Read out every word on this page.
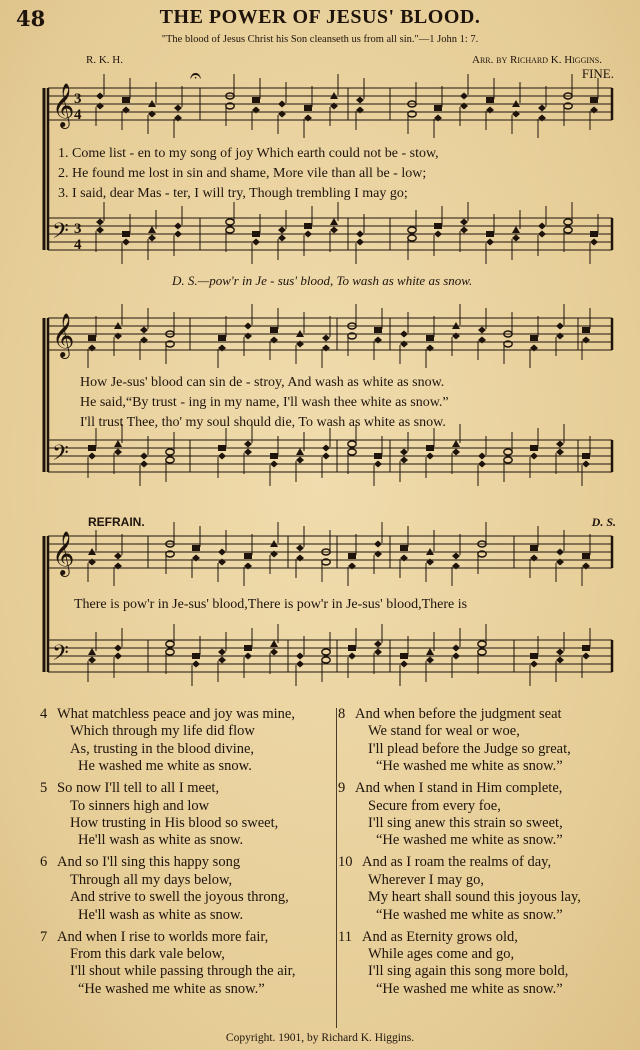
48	THE POWER OF JESUS' BLOOD.
"The blood of Jesus Christ his Son cleanseth us from all sin."—1 John 1: 7.
R. K. H.	Arr. by Richard K. Higgins.
FINE.
𝄞
𝄢
3
4
3
4
𝄞
𝄢
𝄞
𝄢
𝄐
1. Come list - en to my song of joy Which earth could not be - stow,
2. He found me lost in sin and shame, More vile than all be - low;
3. I said, dear Mas - ter, I will try, Though trembling I may go;
D. S.—pow'r in Je - sus' blood, To wash as white as snow.
How Je-sus' blood can sin de - stroy, And wash as white as snow.
He said,“By trust - ing in my name, I'll wash thee white as snow.”
I'll trust Thee, tho' my soul should die, To wash as white as snow.
REFRAIN.	D. S.
There is pow'r in Je-sus' blood,There is pow'r in Je-sus' blood,There is
4 What matchless peace and joy was mine,
Which through my life did flow
As, trusting in the blood divine,
He washed me white as snow.
5 So now I'll tell to all I meet,
To sinners high and low
How trusting in His blood so sweet,
He'll wash as white as snow.
6 And so I'll sing this happy song
Through all my days below,
And strive to swell the joyous throng,
He'll wash as white as snow.
7 And when I rise to worlds more fair,
From this dark vale below,
I'll shout while passing through the air,
“He washed me white as snow.”
8 And when before the judgment seat
We stand for weal or woe,
I'll plead before the Judge so great,
“He washed me white as snow.”
9 And when I stand in Him complete,
Secure from every foe,
I'll sing anew this strain so sweet,
“He washed me white as snow.”
10 And as I roam the realms of day,
Wherever I may go,
My heart shall sound this joyous lay,
“He washed me white as snow.”
11 And as Eternity grows old,
While ages come and go,
I'll sing again this song more bold,
“He washed me white as snow.”
Copyright. 1901, by Richard K. Higgins.
